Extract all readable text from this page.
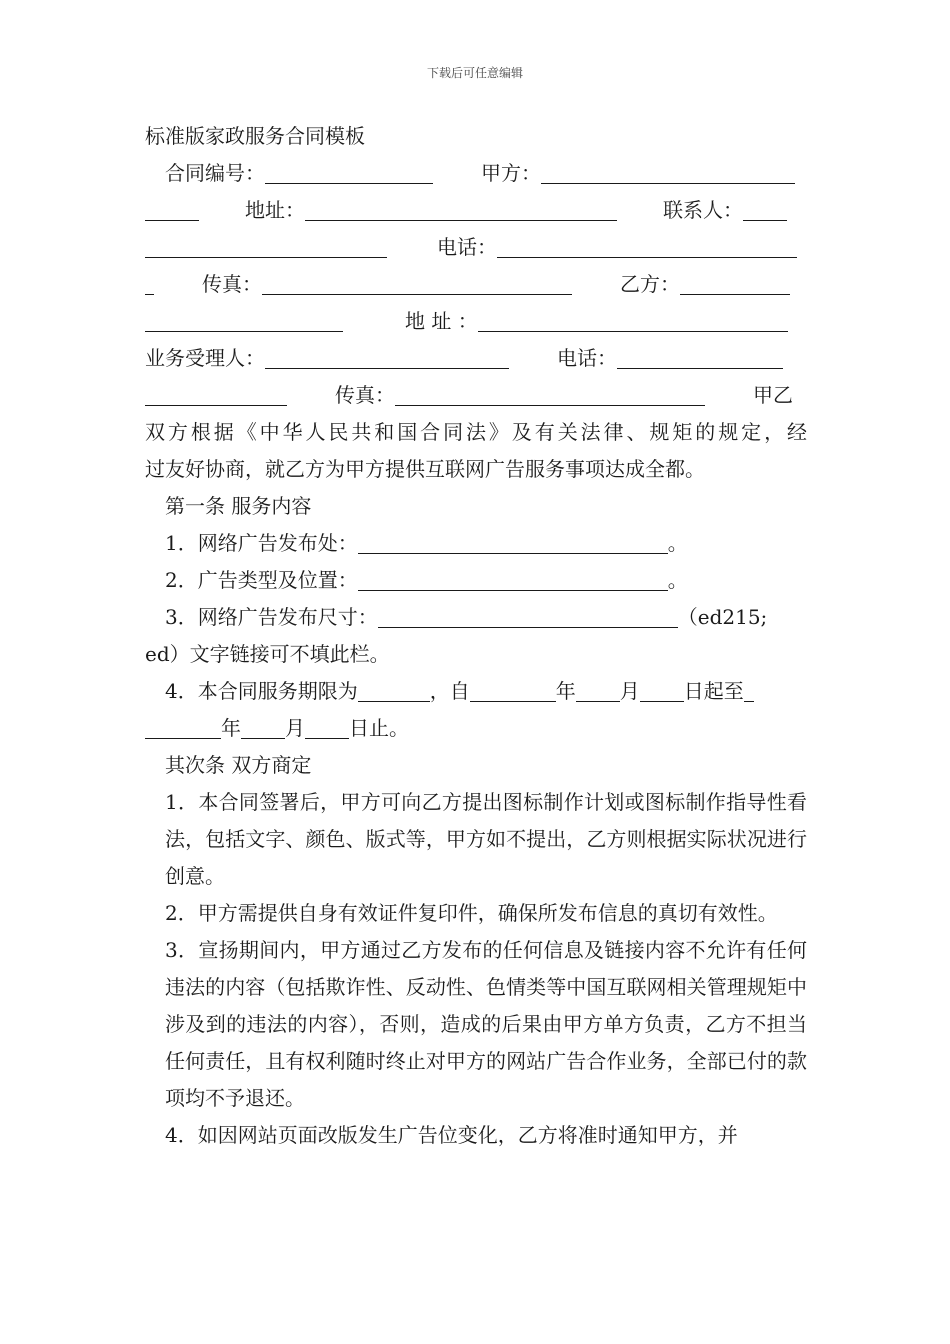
下载后可任意编辑
标准版家政服务合同模板
合同编号：	甲方：
地址：	联系人：
电话：
传真：	乙方：
地 址 ：
业务受理人：	电话：
传真：	甲乙
双方根据《中华人民共和国合同法》及有关法律、规矩的规定，经
过友好协商，就乙方为甲方提供互联网广告服务事项达成全都。
第一条 服务内容
1．网络广告发布处：	。
2．广告类型及位置：	。
3．网络广告发布尺寸：	（ed215;
ed）文字链接可不填此栏。
4．本合同服务期限为	，自	年 月 日起至
年 月 日止。
其次条 双方商定
1．本合同签署后，甲方可向乙方提出图标制作计划或图标制作指导性看法，包括文字、颜色、版式等，甲方如不提出，乙方则根据实际状况进行创意。
2．甲方需提供自身有效证件复印件，确保所发布信息的真切有效性。
3．宣扬期间内，甲方通过乙方发布的任何信息及链接内容不允许有任何违法的内容（包括欺诈性、反动性、色情类等中国互联网相关管理规矩中涉及到的违法的内容），否则，造成的后果由甲方单方负责，乙方不担当任何责任，且有权利随时终止对甲方的网站广告合作业务，全部已付的款项均不予退还。
4．如因网站页面改版发生广告位变化，乙方将准时通知甲方，并
